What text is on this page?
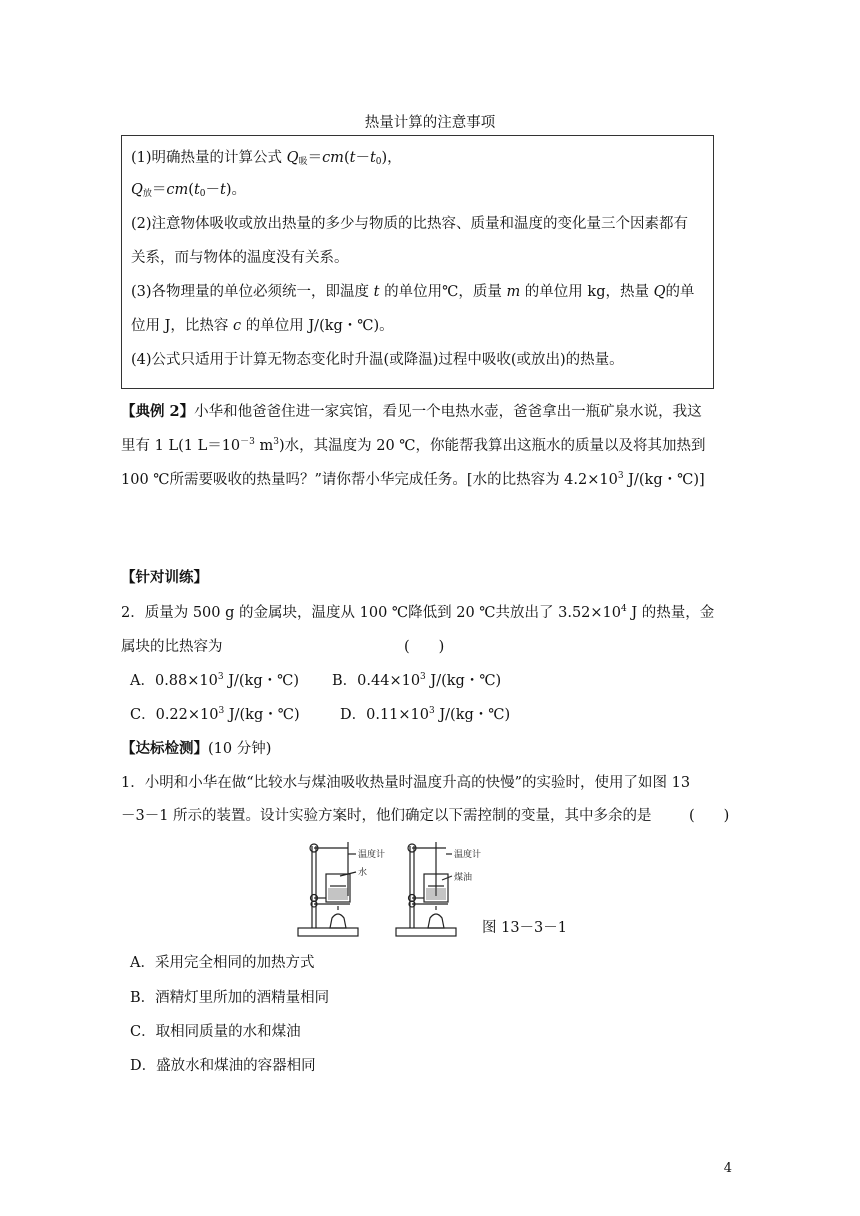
热量计算的注意事项
(1)明确热量的计算公式 $Q_吸=cm(t-t_0)$，
$Q_放=cm(t_0-t)$。
(2)注意物体吸收或放出热量的多少与物质的比热容、质量和温度的变化量三个因素都有
关系，而与物体的温度没有关系。
(3)各物理量的单位必须统一，即温度 t 的单位用℃，质量 m 的单位用 kg，热量 Q的单
位用 J，比热容 c 的单位用 J/(kg・℃)。
(4)公式只适用于计算无物态变化时升温(或降温)过程中吸收(或放出)的热量。
【典例 2】小华和他爸爸住进一家宾馆，看见一个电热水壶，爸爸拿出一瓶矿泉水说，我这
里有 1 L(1 $L=10^{-3}$ $m^3$)水，其温度为 20 ℃，你能帮我算出这瓶水的质量以及将其加热到
100 ℃所需要吸收的热量吗？”请你帮小华完成任务。[水的比热容为 $4.2\times 10^3$ J/(kg・℃)]
【针对训练】
2．质量为 500 g 的金属块，温度从 100 ℃降低到 20 ℃共放出了 $3.52\times 10^4$ J 的热量，金
属块的比热容为	(　　)
A．$0.88\times 10^3$ J/(kg・℃) B．$0.44\times 10^3$ J/(kg・℃)
C．$0.22\times 10^3$ J/(kg・℃)	D．$0.11\times 10^3$ J/(kg・℃)
【达标检测】(10 分钟)
1．小明和小华在做“比较水与煤油吸收热量时温度升高的快慢”的实验时，使用了如图 13
－3－1 所示的装置。设计实验方案时，他们确定以下需控制的变量，其中多余的是	(　　)
温度计
水
温度计
煤油
图 13－3－1
A．采用完全相同的加热方式
B．酒精灯里所加的酒精量相同
C．取相同质量的水和煤油
D．盛放水和煤油的容器相同
4
